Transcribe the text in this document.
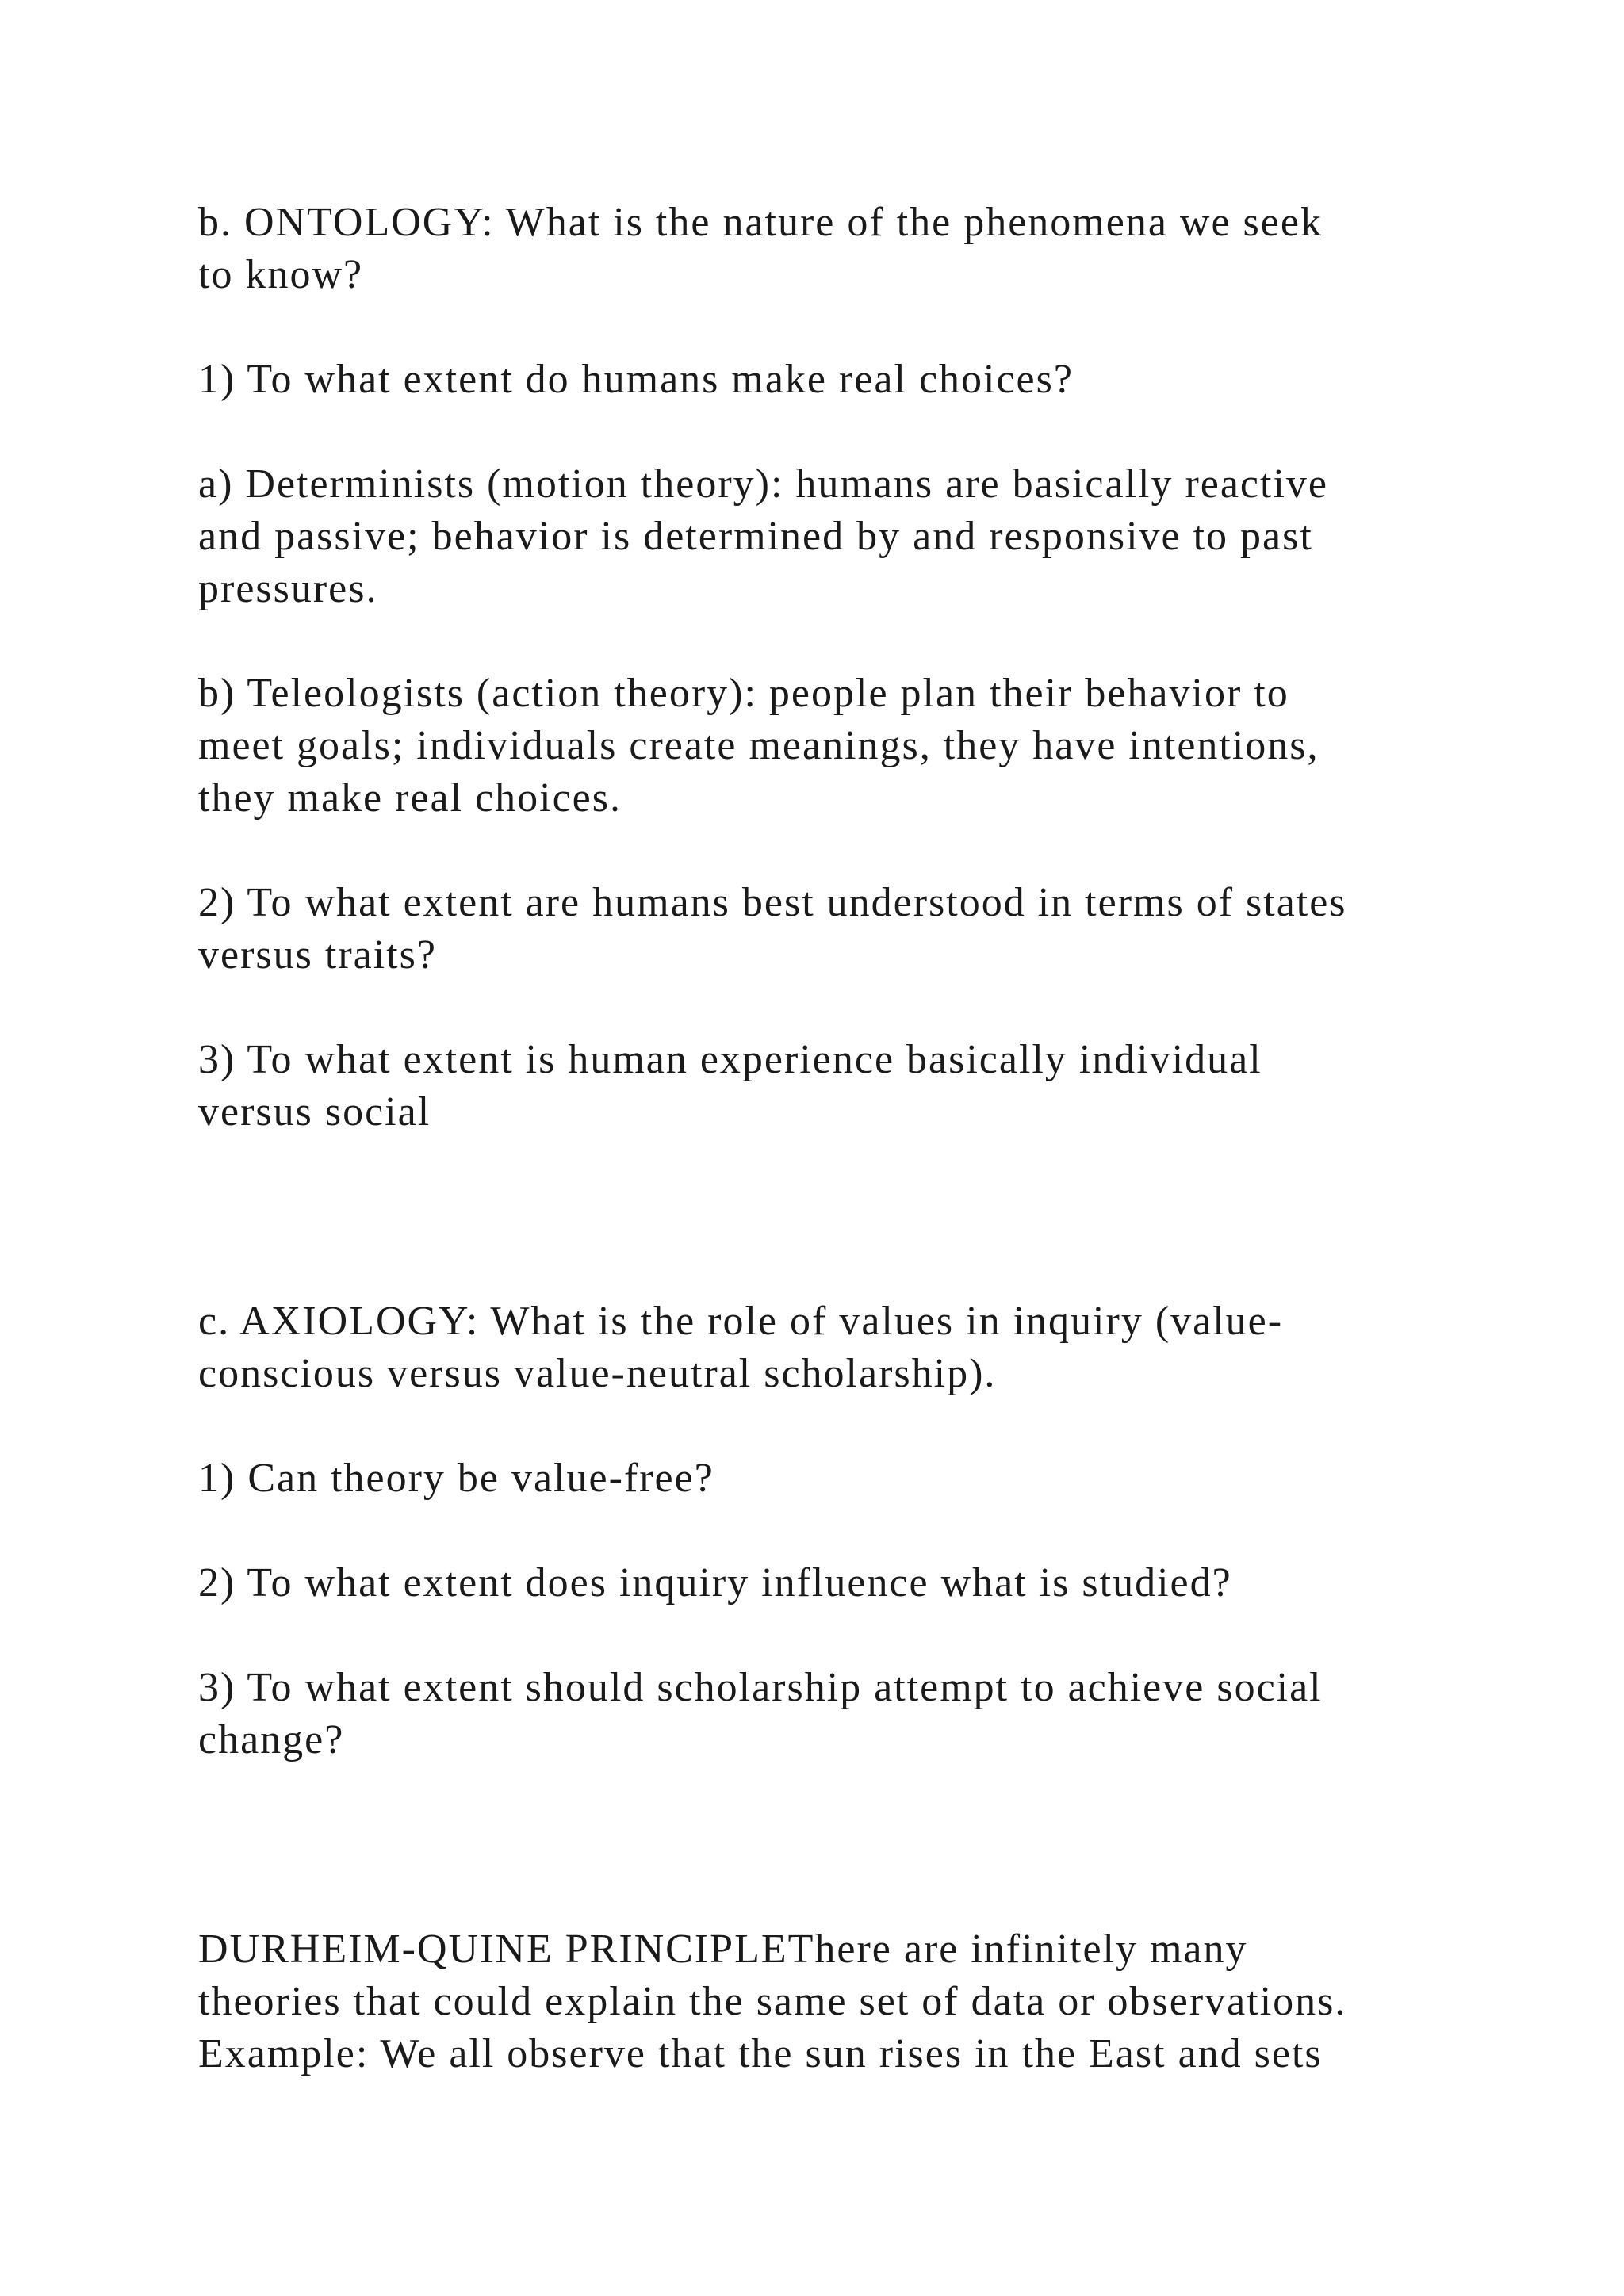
b. ONTOLOGY: What is the nature of the phenomena we seek
to know?

1) To what extent do humans make real choices?

a) Determinists (motion theory): humans are basically reactive
and passive; behavior is determined by and responsive to past
pressures.

b) Teleologists (action theory): people plan their behavior to
meet goals; individuals create meanings, they have intentions,
they make real choices.

2) To what extent are humans best understood in terms of states
versus traits?

3) To what extent is human experience basically individual
versus social

c. AXIOLOGY: What is the role of values in inquiry (value-
conscious versus value-neutral scholarship).

1) Can theory be value-free?

2) To what extent does inquiry influence what is studied?

3) To what extent should scholarship attempt to achieve social
change?

DURHEIM-QUINE PRINCIPLEThere are infinitely many
theories that could explain the same set of data or observations.
Example: We all observe that the sun rises in the East and sets
